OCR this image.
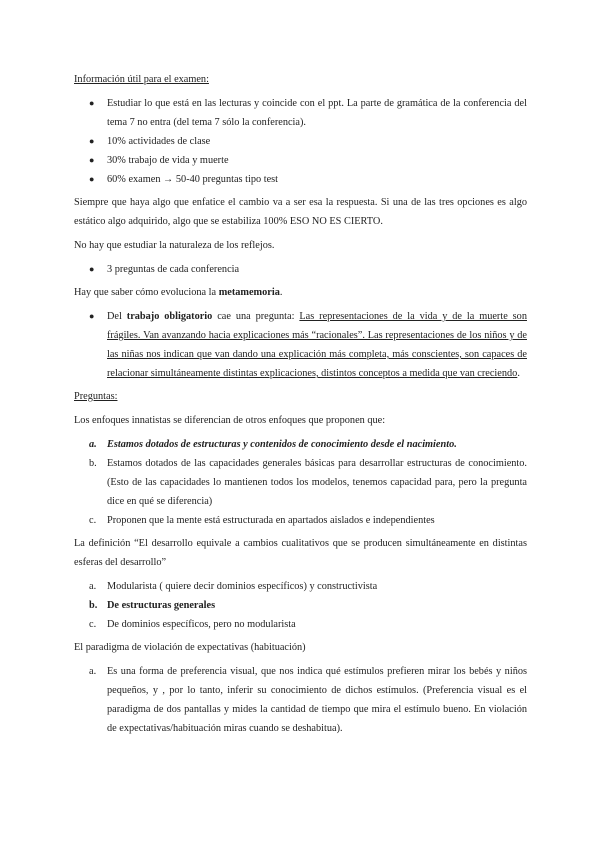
Información útil para el examen:

● Estudiar lo que está en las lecturas y coincide con el ppt. La parte de gramática de la conferencia del tema 7 no entra (del tema 7 sólo la conferencia).
● 10% actividades de clase
● 30% trabajo de vida y muerte
● 60% examen → 50-40 preguntas tipo test

Siempre que haya algo que enfatice el cambio va a ser esa la respuesta. Si una de las tres opciones es algo estático algo adquirido, algo que se estabiliza 100% ESO NO ES CIERTO.

No hay que estudiar la naturaleza de los reflejos.

● 3 preguntas de cada conferencia

Hay que saber cómo evoluciona la metamemoria.

● Del trabajo obligatorio cae una pregunta: Las representaciones de la vida y de la muerte son frágiles. Van avanzando hacia explicaciones más “racionales”. Las representaciones de los niños y de las niñas nos indican que van dando una explicación más completa, más conscientes, son capaces de relacionar simultáneamente distintas explicaciones, distintos conceptos a medida que van creciendo.

Preguntas:

Los enfoques innatistas se diferencian de otros enfoques que proponen que:

a. Estamos dotados de estructuras y contenidos de conocimiento desde el nacimiento.
b. Estamos dotados de las capacidades generales básicas para desarrollar estructuras de conocimiento. (Esto de las capacidades lo mantienen todos los modelos, tenemos capacidad para, pero la pregunta dice en qué se diferencia)
c. Proponen que la mente está estructurada en apartados aislados e independientes

La definición “El desarrollo equivale a cambios cualitativos que se producen simultáneamente en distintas esferas del desarrollo”

a. Modularista ( quiere decir dominios específicos) y constructivista
b. De estructuras generales
c. De dominios específicos, pero no modularista

El paradigma de violación de expectativas (habituación)

a. Es una forma de preferencia visual, que nos indica qué estímulos prefieren mirar los bebés y niños pequeños, y , por lo tanto, inferir su conocimiento de dichos estímulos. (Preferencia visual es el paradigma de dos pantallas y mides la cantidad de tiempo que mira el estímulo bueno. En violación de expectativas/habituación miras cuando se deshabitua).
